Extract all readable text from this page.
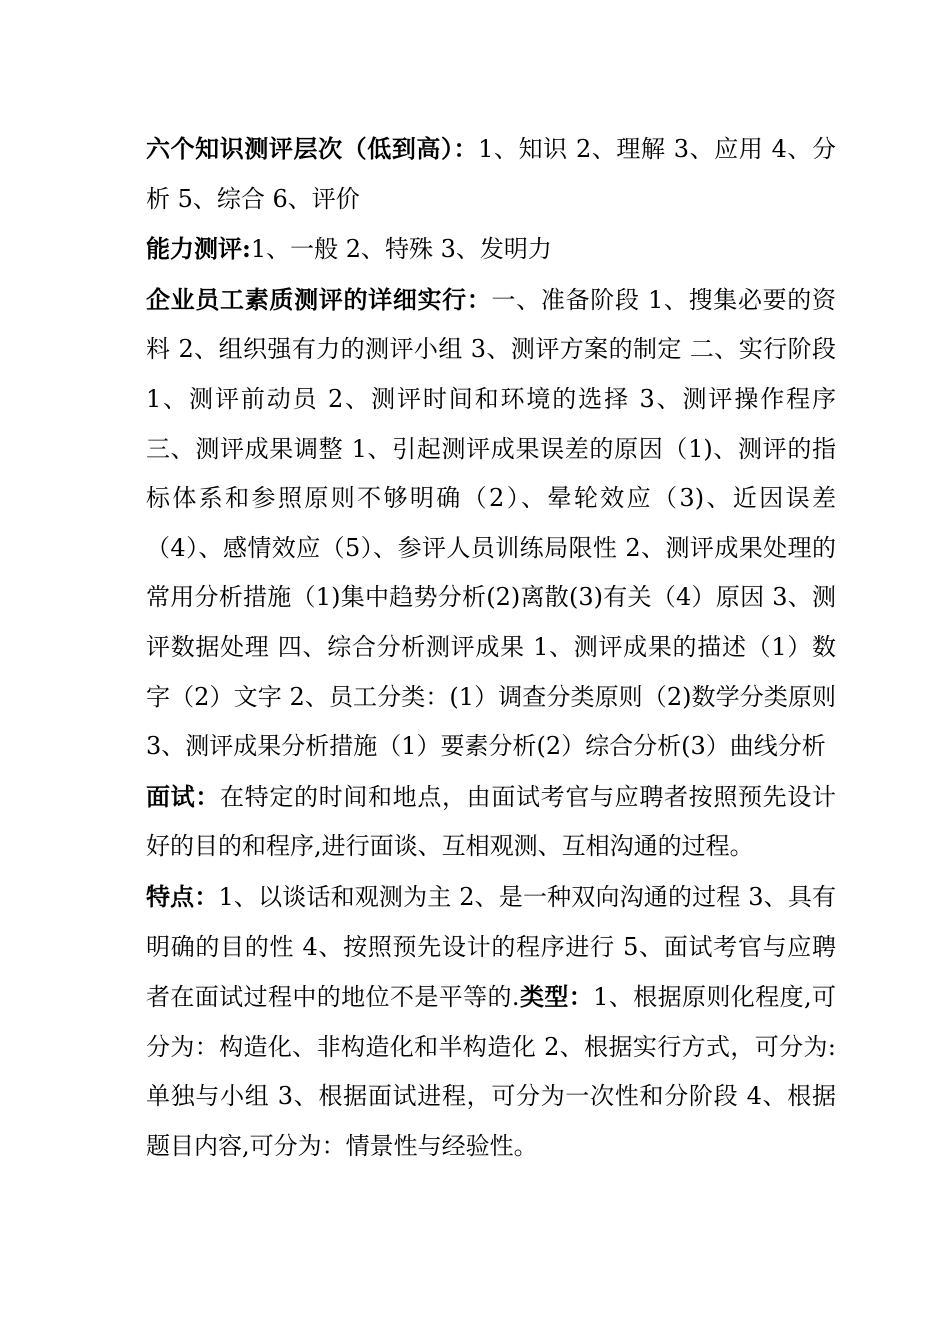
六个知识测评层次（低到高）：1、知识 2、理解 3、应用 4、分析 5、综合 6、评价

能力测评:1、一般 2、特殊 3、发明力

企业员工素质测评的详细实行：一、准备阶段 1、搜集必要的资料 2、组织强有力的测评小组 3、测评方案的制定 二、实行阶段 1、测评前动员 2、测评时间和环境的选择 3、测评操作程序 三、测评成果调整 1、引起测评成果误差的原因（1)、测评的指标体系和参照原则不够明确（2）、晕轮效应（3)、近因误差（4）、感情效应（5）、参评人员训练局限性 2、测评成果处理的常用分析措施（1)集中趋势分析(2)离散(3)有关（4）原因 3、测评数据处理 四、综合分析测评成果 1、测评成果的描述（1）数字（2）文字 2、员工分类：(1）调查分类原则（2)数学分类原则 3、测评成果分析措施（1）要素分析(2）综合分析(3）曲线分析

面试：在特定的时间和地点，由面试考官与应聘者按照预先设计好的目的和程序,进行面谈、互相观测、互相沟通的过程。

特点：1、以谈话和观测为主 2、是一种双向沟通的过程 3、具有明确的目的性 4、按照预先设计的程序进行 5、面试考官与应聘者在面试过程中的地位不是平等的.类型：1、根据原则化程度,可分为：构造化、非构造化和半构造化 2、根据实行方式，可分为:单独与小组 3、根据面试进程，可分为一次性和分阶段 4、根据题目内容,可分为：情景性与经验性。
